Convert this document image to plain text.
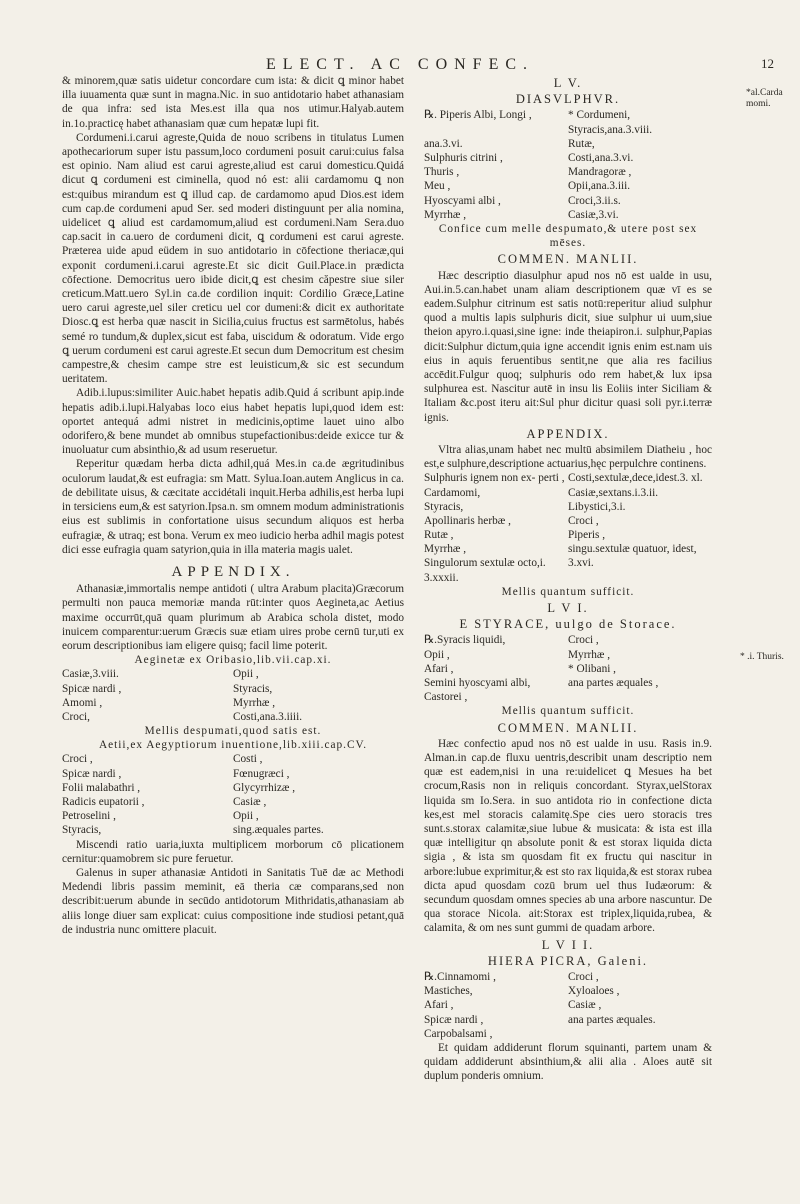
ELECT. AC CONFEC.	12

& minorem,quæ satis uidetur concordare cum ista: & dicit ꝗ minor habet illa iuuamenta quæ sunt in magna.Nic. in suo antidotario habet athanasiam de qua infra: sed ista Mes.est illa qua nos utimur.Halyab.autem in.1o.practicę habet athanasiam quæ cum hepatæ lupi fit.

Cordumeni.i.carui agreste,Quida de nouo scribens in titulatus Lumen apothecariorum super istu passum,loco cordumeni posuit carui:cuius falsa est opinio. Nam aliud est carui agreste,aliud est carui domesticu.Quidá dicut ꝗ cordumeni est ciminella, quod nó est: alii cardamomu ꝗ non est:quibus mirandum est ꝗ illud cap. de cardamomo apud Dios.est idem cum cap.de cordumeni apud Ser. sed moderi distinguunt per alia nomina, uidelicet ꝗ aliud est cardamomum,aliud est cordumeni.Nam Sera.duo cap.sacit in ca.uero de cordumeni dicit, ꝗ cordumeni est carui agreste. Præterea uide apud eüdem in suo antidotario in cōfectione theriacæ,qui exponit cordumeni.i.carui agreste.Et sic dicit Guil.Place.in prædicta cōfectione. Democritus uero ibide dicit,ꝗ est chesim căpestre siue siler creticum.Matt.uero Syl.in ca.de cordilion inquit: Cordilio Græce,Latine uero carui agreste,uel siler creticu uel cor dumeni:& dicit ex authoritate Diosc.ꝗ est herba quæ nascit in Sicilia,cuius fructus est sarmētolus, habés semé ro tundum,& duplex,sicut est faba, uiscidum & odoratum. Vide ergo ꝗ uerum cordumeni est carui agreste.Et secun dum Democritum est chesim campestre,& chesim campe stre est leuisticum,& sic est secundum ueritatem.

Adib.i.lupus:similiter Auic.habet hepatis adib.Quid á scribunt apip.inde hepatis adib.i.lupi.Halyabas loco eius habet hepatis lupi,quod idem est: oportet antequá admi nistret in medicinis,optime lauet uino albo odorifero,& bene mundet ab omnibus stupefactionibus:deide exicce tur & inuoluatur cum absinthio,& ad usum reseruetur.

Reperitur quædam herba dicta adhil,quá Mes.in ca.de ægritudinibus oculorum laudat,& est eufragia: sm Matt. Sylua.Ioan.autem Anglicus in ca. de debilitate uisus, & cæcitate accidétali inquit.Herba adhilis,est herba lupi in tersiciens eum,& est satyrion.Ipsa.n. sm omnem modum administrationis eius est sublimis in confortatione uisus secundum aliquos est herba eufragiæ, & utraq; est bona. Verum ex meo iudicio herba adhil magis potest dici esse eufragia quam satyrion,quia in illa materia magis ualet.

APPENDIX.

Athanasiæ,immortalis nempe antidoti ( ultra Arabum placita)Græcorum permulti non pauca memoriæ manda rūt:inter quos Aegineta,ac Aetius maxime occurrūt,quā quam plurimum ab Arabica schola distet, modo inuicem comparentur:uerum Græcis suæ etiam uires probe cernū tur,uti ex eorum descriptionibus iam eligere quisq; facil lime poterit.

Aeginetæ ex Oribasio,lib.vii.cap.xi.
Casiæ,3.viii.	Opii ,
Spicæ nardi ,	Styracis,
Amomi ,	Myrrhæ ,
Croci,	Costi,ana.3.iiii.
Mellis despumati,quod satis est.
Aetii,ex Aegyptiorum inuentione,lib.xiii.cap.CV.
Croci ,	Costi ,
Spicæ nardi ,	Fœnugræci ,
Folii malabathri ,	Glycyrrhizæ ,
Radicis eupatorii ,	Casiæ ,
Petroselini ,	Opii ,
Styracis,	sing.æquales partes.

Miscendi ratio uaria,iuxta multiplicem morborum cō plicationem cernitur:quamobrem sic pure feruetur.

Galenus in super athanasiæ Antidoti in Sanitatis Tuē dæ ac Methodi Medendi libris passim meminit, eā theria cæ comparans,sed non describit:uerum abunde in secūdo antidotorum Mithridatis,athanasiam ab aliis longe diuer sam explicat: cuius compositione inde studiosi petant,quā de industria nunc omittere placuit.

L V.
DIASVLPHVR.
℞. Piperis Albi, Longi ,	* Cordumeni,
Styracis,ana.3.viii.
ana.3.vi.	Rutæ,
Sulphuris citrini ,	Costi,ana.3.vi.
Thuris ,	Mandragoræ ,
Meu ,	Opii,ana.3.iii.
Hyoscyami albi ,	Croci,3.ii.s.
Myrrhæ ,	Casiæ,3.vi.
Confice cum melle despumato,& utere post sex mēses.
COMMEN. MANLII.

Hæc descriptio diasulphur apud nos nō est ualde in usu, Aui.in.5.can.habet unam aliam descriptionem quæ vī es se eadem.Sulphur citrinum est satis notū:reperitur aliud sulphur quod a multis lapis sulphuris dicit, siue sulphur ui uum,siue theion apyro.i.quasi,sine igne: inde theiapiron.i. sulphur,Papias dicit:Sulphur dictum,quia igne accendit ignis enim est.nam uis eius in aquis feruentibus sentit,ne que alia res facilius accēdit.Fulgur quoq; sulphuris odo rem habet,& lux ipsa sulphurea est. Nascitur autē in insu lis Eoliis inter Siciliam & Italiam &c.post iteru ait:Sul phur dicitur quasi soli pyr.i.terræ ignis.

APPENDIX.

Vltra alias,unam habet nec multū absimilem Diatheiu , hoc est,e sulphure,descriptione actuarius,hęc perpulchre continens.

Sulphuris ignem non ex- perti , Costi,sextulæ,dece,idest.3. xl.
Cardamomi,	Casiæ,sextans.i.3.ii.
Styracis,	Libystici,3.i.
Apollinaris herbæ ,	Croci ,
Rutæ ,	Piperis ,
Myrrhæ ,	singu.sextulæ quatuor, idest,
Singulorum sextulæ octo,i.	3.xvi.
3.xxxii.
Mellis quantum sufficit.
L V I.
E STYRACE, uulgo de Storace.
℞.Syracis liquidi,	Croci ,
Opii ,	Myrrhæ ,
Afari ,	* Olibani ,
Semini hyoscyami albi,	ana partes æquales ,
Castorei ,
Mellis quantum sufficit.
COMMEN. MANLII.

Hæc confectio apud nos nō est ualde in usu. Rasis in.9. Alman.in cap.de fluxu uentris,describit unam descriptio nem quæ est eadem,nisi in una re:uidelicet ꝗ Mesues ha bet crocum,Rasis non in reliquis concordant. Styrax,uelStorax liquida sm Io.Sera. in suo antidota rio in confectione dicta kes,est mel storacis calamitę.Spe cies uero storacis tres sunt.s.storax calamitæ,siue lubue & musicata: & ista est illa quæ intelligitur qn absolute ponit & est storax liquida dicta sigia , & ista sm quosdam fit ex fructu qui nascitur in arbore:lubue exprimitur,& est sto rax liquida,& est storax rubea dicta apud quosdam cozū brum uel thus Iudæorum: & secundum quosdam omnes species ab una arbore nascuntur. De qua storace Nicola. ait:Storax est triplex,liquida,rubea, & calamita, & om nes sunt gummi de quadam arbore.

L V I I.
HIERA PICRA, Galeni.
℞.Cinnamomi ,	Croci ,
Mastiches,	Xyloaloes ,
Afari ,	Casiæ ,
Spicæ nardi ,	ana partes æquales.
Carpobalsami ,

Et quidam addiderunt florum squinanti, partem unam & quidam addiderunt absinthium,& alii alia . Aloes autē sit duplum ponderis omnium.

*al.Carda momi.
* .i. Thuris.
